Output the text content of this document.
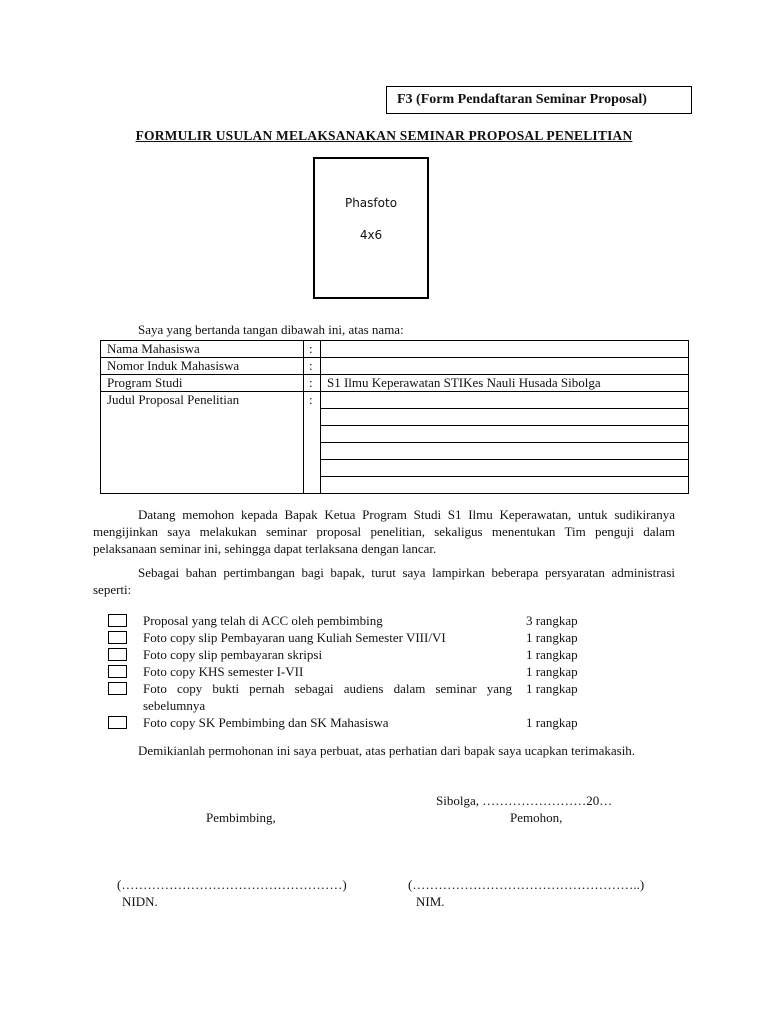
F3 (Form Pendaftaran Seminar Proposal)
FORMULIR USULAN MELAKSANAKAN SEMINAR PROPOSAL PENELITIAN
Phasfoto
4x6
Saya yang bertanda tangan dibawah ini, atas nama:
Nama Mahasiswa	:	
Nomor Induk Mahasiswa	:	
Program Studi	:	S1 Ilmu Keperawatan STIKes Nauli Husada Sibolga
Judul Proposal Penelitian	:	

Datang memohon kepada Bapak Ketua Program Studi S1 Ilmu Keperawatan, untuk sudikiranya mengijinkan saya melakukan seminar proposal penelitian, sekaligus menentukan Tim penguji dalam pelaksanaan seminar ini, sehingga dapat terlaksana dengan lancar.
Sebagai bahan pertimbangan bagi bapak, turut saya lampirkan beberapa persyaratan administrasi seperti:
Proposal yang telah di ACC oleh pembimbing	3 rangkap
Foto copy slip Pembayaran uang Kuliah Semester VIII/VI	1 rangkap
Foto copy slip pembayaran skripsi	1 rangkap
Foto copy KHS semester I-VII	1 rangkap
Foto copy bukti pernah sebagai audiens dalam seminar yang sebelumnya
1 rangkap
Foto copy SK Pembimbing dan SK Mahasiswa	1 rangkap
Demikianlah permohonan ini saya perbuat, atas perhatian dari bapak saya ucapkan terimakasih.
Sibolga, ……………………20…
Pembimbing,	Pemohon,
(……………………………………………)	(……………………………………………..)
NIDN.	NIM.
